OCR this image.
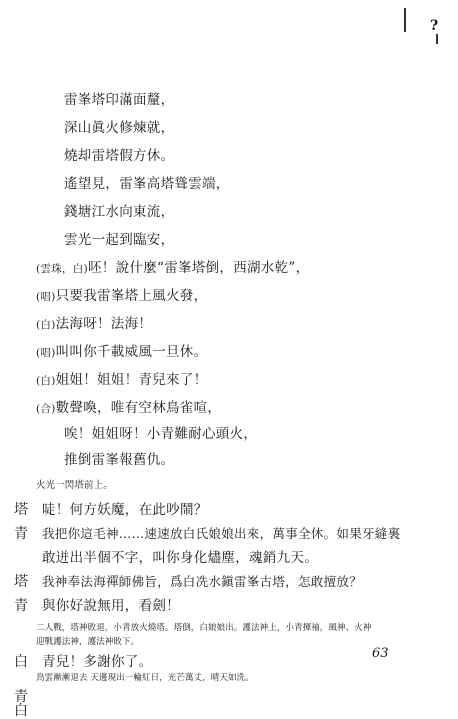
?
雷峯塔印滿面釐，
深山眞火修煉就，
燒却雷塔假方休。
遙望見，雷峯高塔聳雲端，
錢塘江水向東流，
雲光一起到臨安，
(雲珠，白)呸！說什麼“雷峯塔倒，西湖水乾”，
(唱)只要我雷峯塔上風火發，
(白)法海呀！法海！
(唱)叫叫你千載威風一旦休。
(白)姐姐！姐姐！青兒來了！
(合)數聲喚，唯有空林鳥雀喧，
唉！姐姐呀！小青難耐心頭火，
推倒雷峯報舊仇。
火光一閃塔前上。
塔 唗！何方妖魔，在此吵鬧？
青 我把你這毛神……速速放白氏娘娘出來，萬事全休。如果牙縫裏
敢迸出半個不字，叫你身化燼塵，魂銷九天。
塔 我神奉法海禪師佛旨，爲白冼水鎭雷峯古塔，怎敢擅放？
青 與你好說無用，看劍！
二人戰，塔神敗退，小青放火燒塔。塔倒，白娘娘出。護法神上，小青揮袖，風神、火神
迎戰護法神，護法神敗下。
白 青兒！多謝你了。
鳥雲漸漸退去 天邊現出一輪紅日，光芒萬丈，晴天如洗。
青
白
63
